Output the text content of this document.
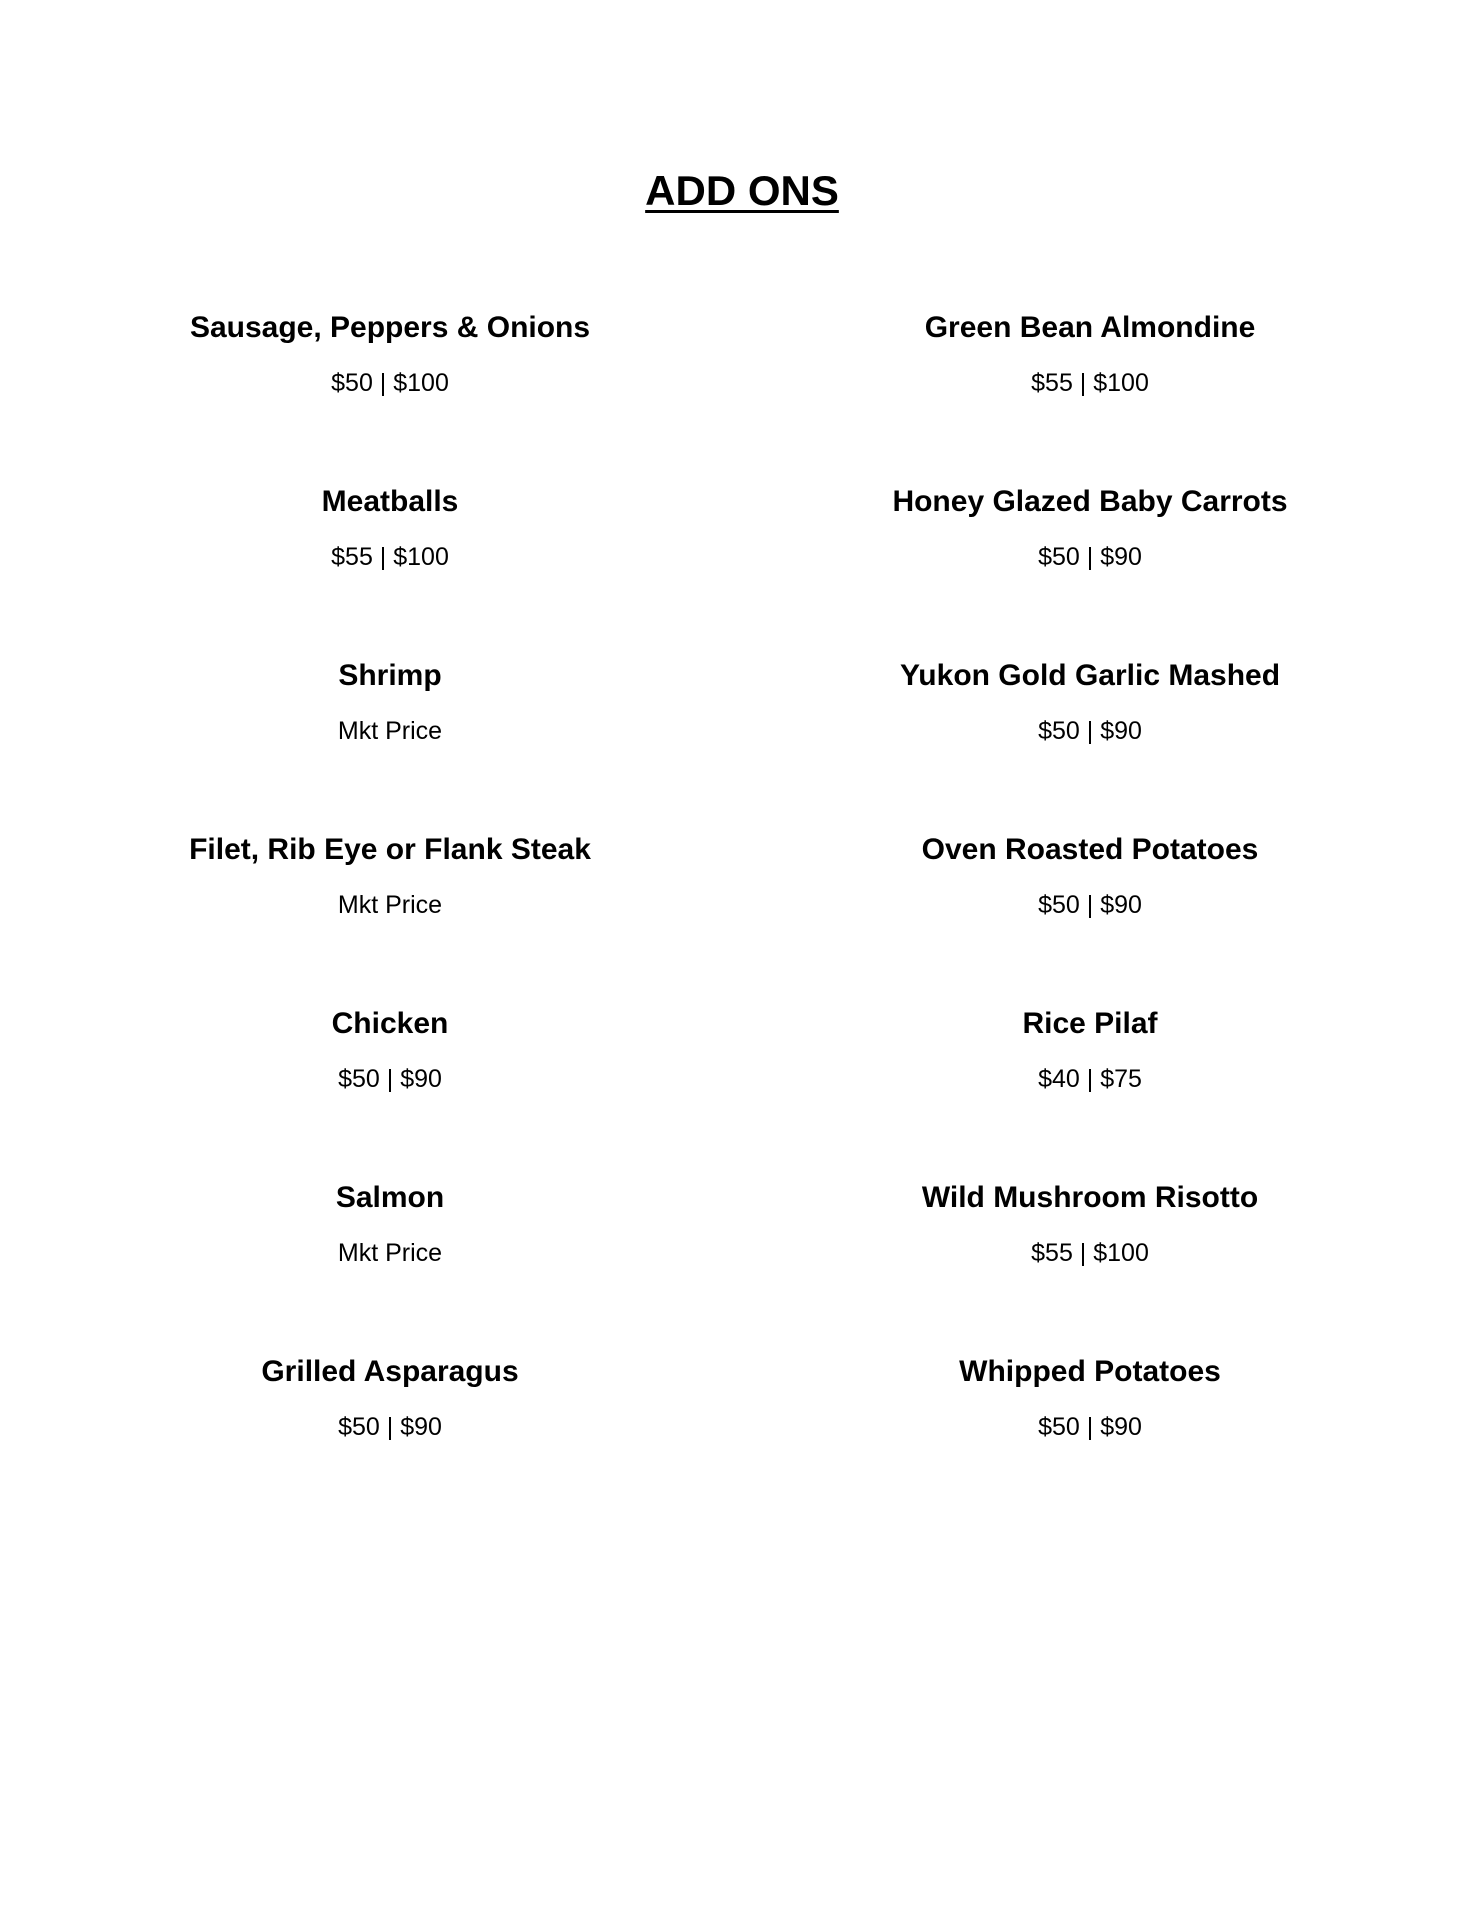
ADD ONS
Sausage, Peppers & Onions
$50 | $100
Meatballs
$55 | $100
Shrimp
Mkt Price
Filet, Rib Eye or Flank Steak
Mkt Price
Chicken
$50 | $90
Salmon
Mkt Price
Grilled Asparagus
$50 | $90
Green Bean Almondine
$55 | $100
Honey Glazed Baby Carrots
$50 | $90
Yukon Gold Garlic Mashed
$50 | $90
Oven Roasted Potatoes
$50 | $90
Rice Pilaf
$40 | $75
Wild Mushroom Risotto
$55 | $100
Whipped Potatoes
$50 | $90
